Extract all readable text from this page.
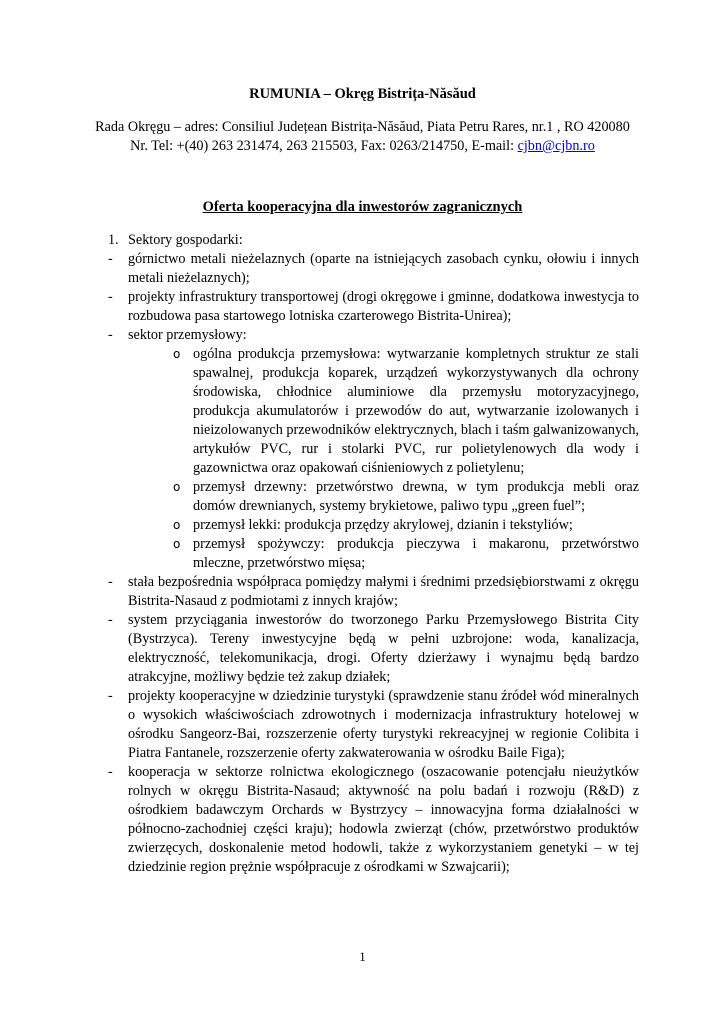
RUMUNIA – Okręg Bistrița-Năsăud
Rada Okręgu – adres: Consiliul Județean Bistrița-Năsăud, Piata Petru Rares, nr.1 , RO 420080
Nr. Tel: +(40) 263 231474, 263 215503, Fax: 0263/214750, E-mail: cjbn@cjbn.ro
Oferta kooperacyjna dla inwestorów zagranicznych
1. Sektory gospodarki:
- górnictwo metali nieżelaznych (oparte na istniejących zasobach cynku, ołowiu i innych metali nieżelaznych);
- projekty infrastruktury transportowej (drogi okręgowe i gminne, dodatkowa inwestycja to rozbudowa pasa startowego lotniska czarterowego Bistrita-Unirea);
- sektor przemysłowy:
o ogólna produkcja przemysłowa: wytwarzanie kompletnych struktur ze stali spawalnej, produkcja koparek, urządzeń wykorzystywanych dla ochrony środowiska, chłodnice aluminiowe dla przemysłu motoryzacyjnego, produkcja akumulatorów i przewodów do aut, wytwarzanie izolowanych i nieizolowanych przewodników elektrycznych, blach i taśm galwanizowanych, artykułów PVC, rur i stolarki PVC, rur polietylenowych dla wody i gazownictwa oraz opakowań ciśnieniowych z polietylenu;
o przemysł drzewny: przetwórstwo drewna, w tym produkcja mebli oraz domów drewnianych, systemy brykietowe, paliwo typu „green fuel”;
o przemysł lekki: produkcja przędzy akrylowej, dzianin i tekstyliów;
o przemysł spożywczy: produkcja pieczywa i makaronu, przetwórstwo mleczne, przetwórstwo mięsa;
- stała bezpośrednia współpraca pomiędzy małymi i średnimi przedsiębiorstwami z okręgu Bistrita-Nasaud z podmiotami z innych krajów;
- system przyciągania inwestorów do tworzonego Parku Przemysłowego Bistrita City (Bystrzyca). Tereny inwestycyjne będą w pełni uzbrojone: woda, kanalizacja, elektryczność, telekomunikacja, drogi. Oferty dzierżawy i wynajmu będą bardzo atrakcyjne, możliwy będzie też zakup działek;
- projekty kooperacyjne w dziedzinie turystyki (sprawdzenie stanu źródeł wód mineralnych o wysokich właściwościach zdrowotnych i modernizacja infrastruktury hotelowej w ośrodku Sangeorz-Bai, rozszerzenie oferty turystyki rekreacyjnej w regionie Colibita i Piatra Fantanele, rozszerzenie oferty zakwaterowania w ośrodku Baile Figa);
- kooperacja w sektorze rolnictwa ekologicznego (oszacowanie potencjału nieużytków rolnych w okręgu Bistrita-Nasaud; aktywność na polu badań i rozwoju (R&D) z ośrodkiem badawczym Orchards w Bystrzycy – innowacyjna forma działalności w północno-zachodniej części kraju); hodowla zwierząt (chów, przetwórstwo produktów zwierzęcych, doskonalenie metod hodowli, także z wykorzystaniem genetyki – w tej dziedzinie region prężnie współpracuje z ośrodkami w Szwajcarii);
1
